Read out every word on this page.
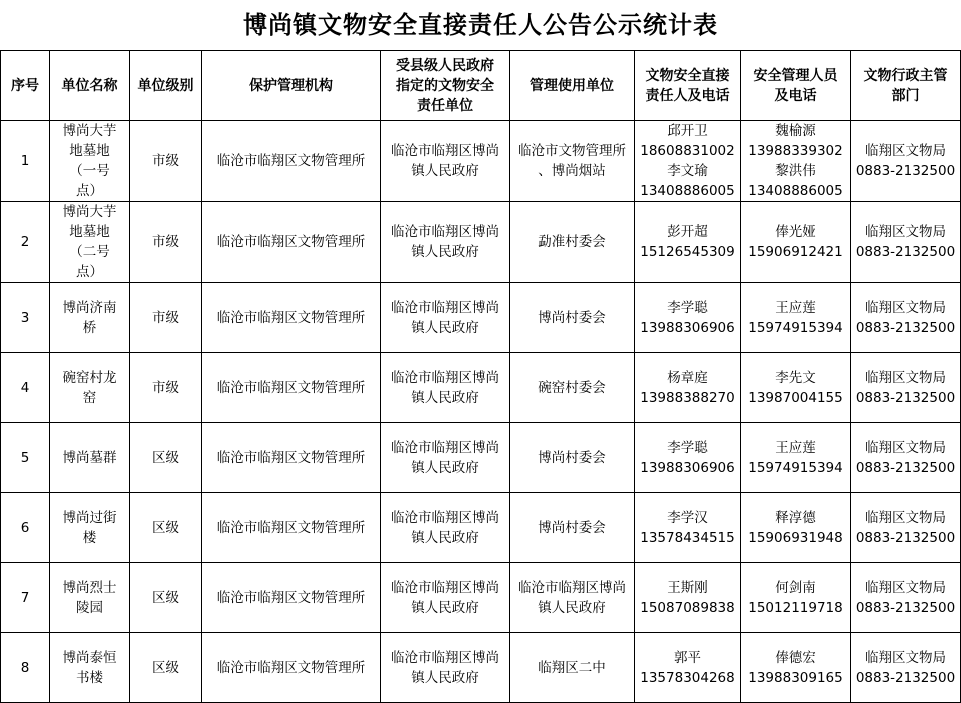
博尚镇文物安全直接责任人公告公示统计表
序号	单位名称	单位级别	保护管理机构	受县级人民政府
指定的文物安全
责任单位	管理使用单位	文物安全直接
责任人及电话	安全管理人员
及电话	文物行政主管
部门

1	博尚大芋
地墓地
（一号
点）	市级	临沧市临翔区文物管理所	临沧市临翔区博尚
镇人民政府	临沧市文物管理所
、博尚烟站	邱开卫
18608831002
李文瑜
13408886005	魏榆源
13988339302
黎洪伟
13408886005	临翔区文物局
0883-2132500

2	博尚大芋
地墓地
（二号
点）	市级	临沧市临翔区文物管理所	临沧市临翔区博尚
镇人民政府	勐准村委会	彭开超
15126545309	俸光娅
15906912421	临翔区文物局
0883-2132500

3	博尚济南
桥	市级	临沧市临翔区文物管理所	临沧市临翔区博尚
镇人民政府	博尚村委会	李学聪
13988306906	王应莲
15974915394	临翔区文物局
0883-2132500

4	碗窑村龙
窑	市级	临沧市临翔区文物管理所	临沧市临翔区博尚
镇人民政府	碗窑村委会	杨章庭
13988388270	李先文
13987004155	临翔区文物局
0883-2132500

5	博尚墓群	区级	临沧市临翔区文物管理所	临沧市临翔区博尚
镇人民政府	博尚村委会	李学聪
13988306906	王应莲
15974915394	临翔区文物局
0883-2132500

6	博尚过街
楼	区级	临沧市临翔区文物管理所	临沧市临翔区博尚
镇人民政府	博尚村委会	李学汉
13578434515	释淳德
15906931948	临翔区文物局
0883-2132500

7	博尚烈士
陵园	区级	临沧市临翔区文物管理所	临沧市临翔区博尚
镇人民政府	临沧市临翔区博尚
镇人民政府	王斯刚
15087089838	何剑南
15012119718	临翔区文物局
0883-2132500

8	博尚泰恒
书楼	区级	临沧市临翔区文物管理所	临沧市临翔区博尚
镇人民政府	临翔区二中	郭平
13578304268	俸德宏
13988309165	临翔区文物局
0883-2132500
